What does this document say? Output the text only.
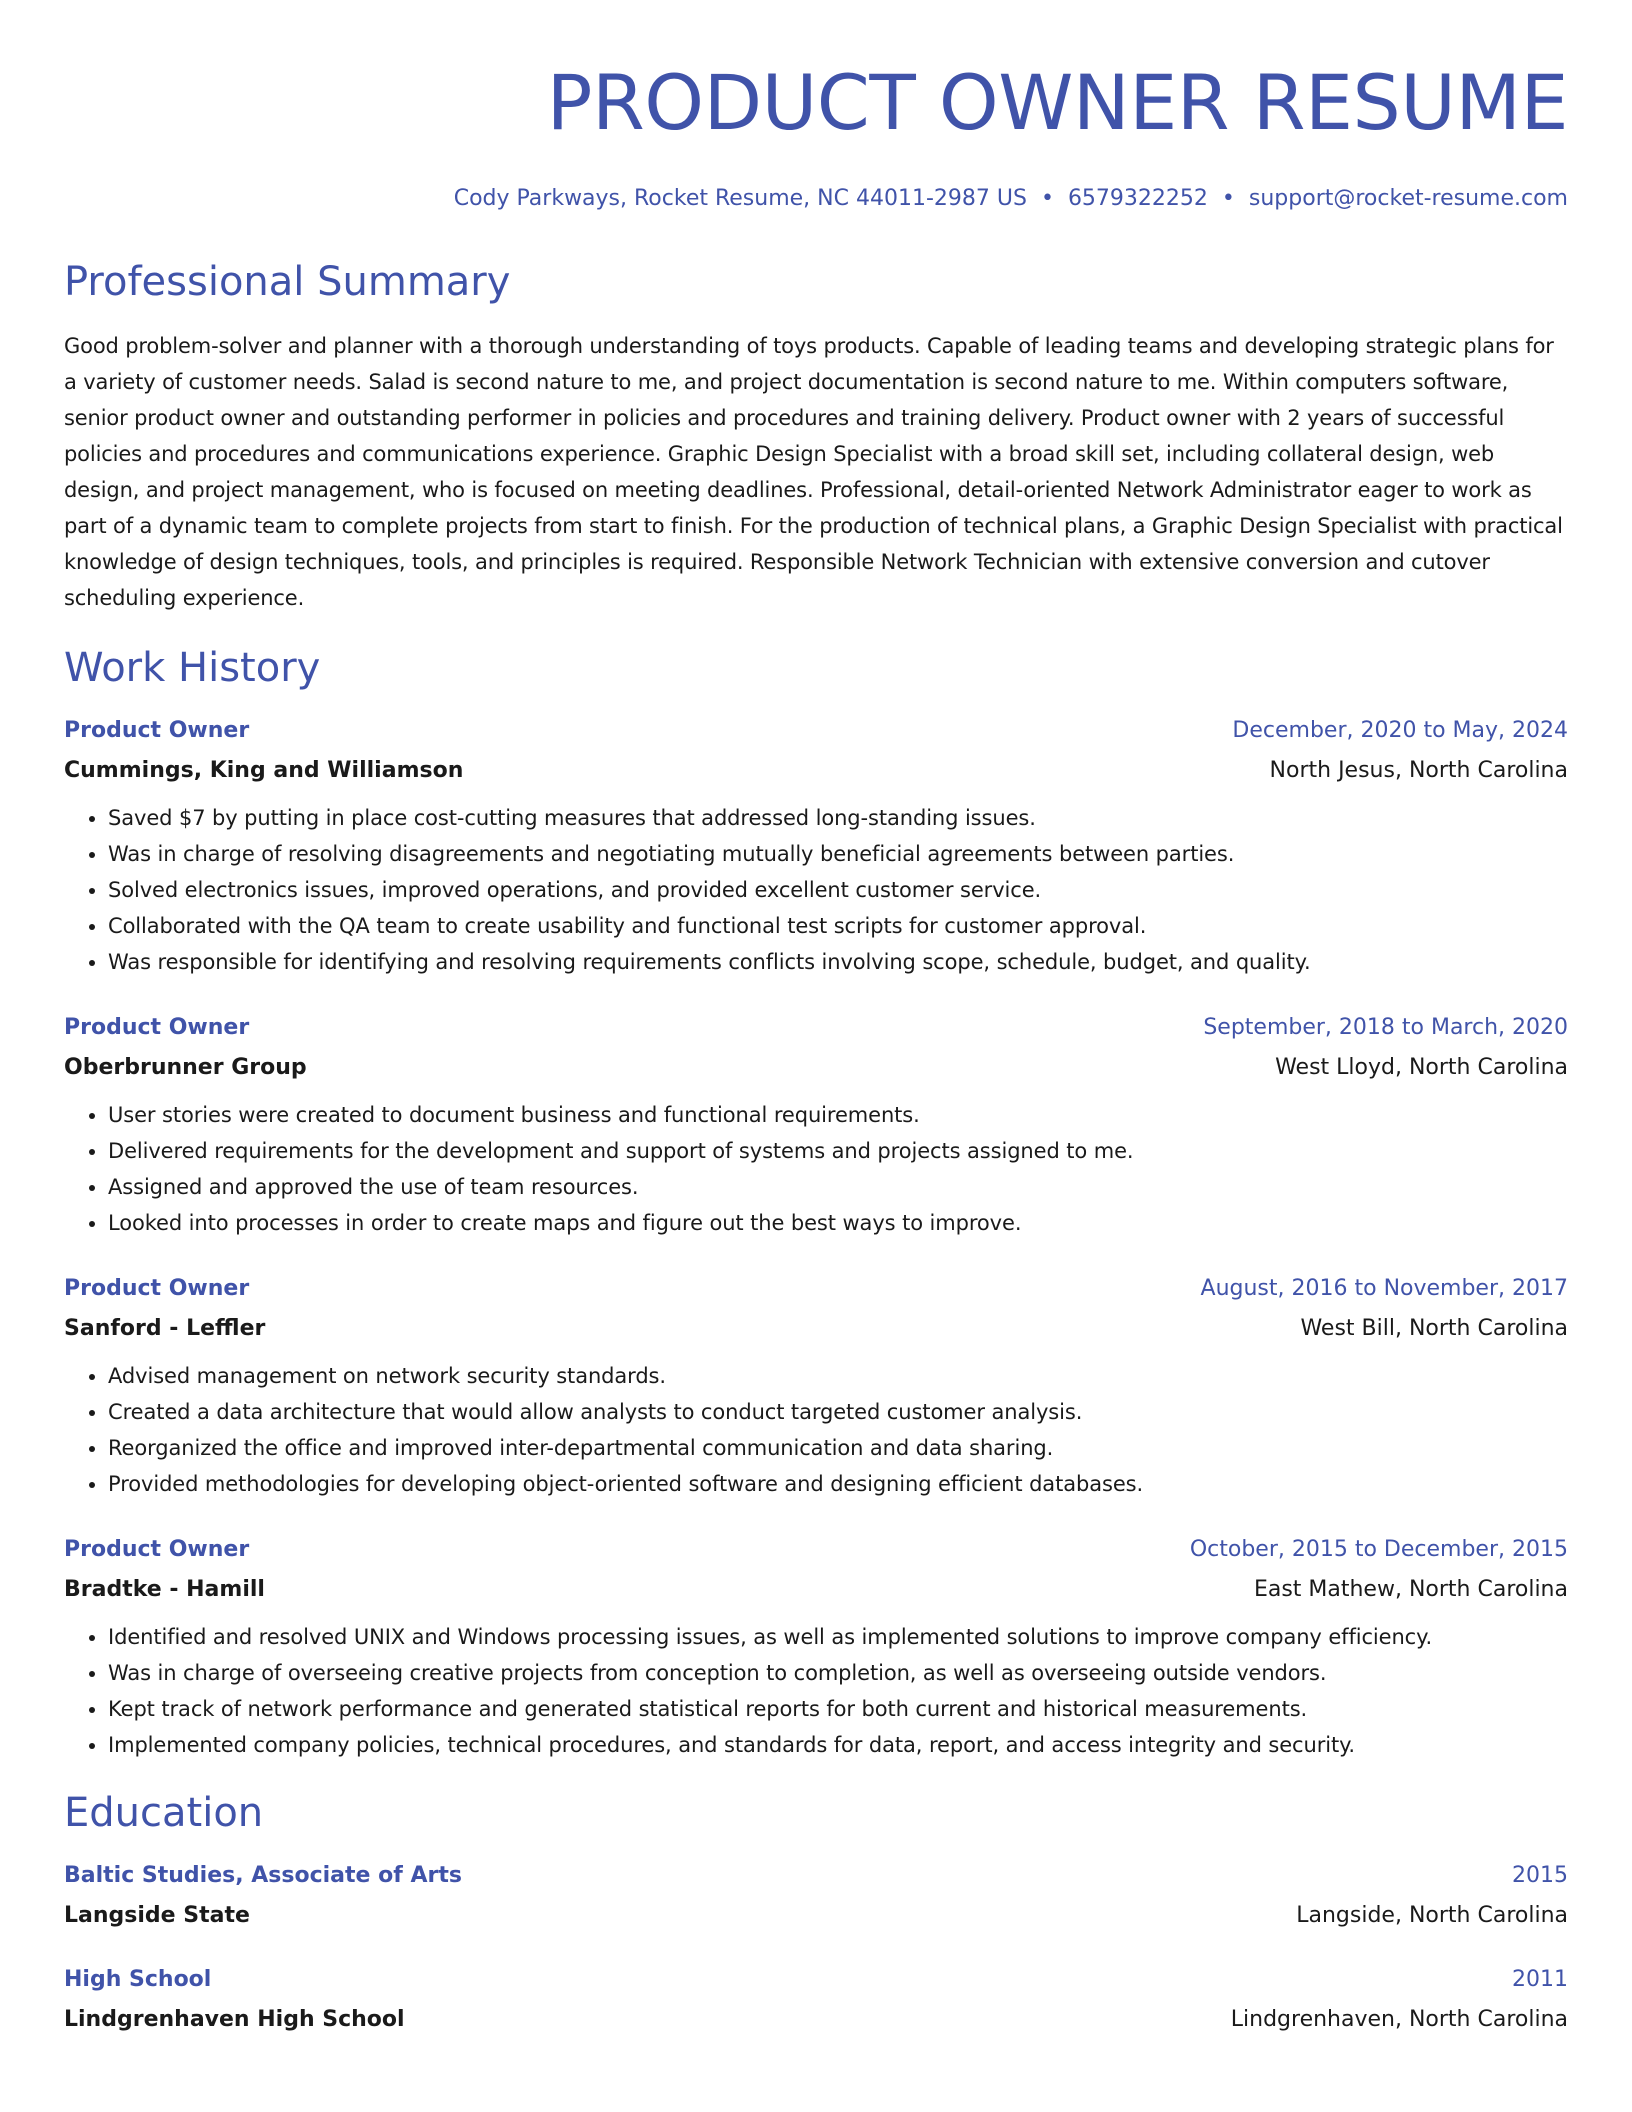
PRODUCT OWNER RESUME
Cody Parkways, Rocket Resume, NC 44011-2987 US • 6579322252 • support@rocket-resume.com
Professional Summary

Good problem-solver and planner with a thorough understanding of toys products. Capable of leading teams and developing strategic plans for a variety of customer needs. Salad is second nature to me, and project documentation is second nature to me. Within computers software, senior product owner and outstanding performer in policies and procedures and training delivery. Product owner with 2 years of successful policies and procedures and communications experience. Graphic Design Specialist with a broad skill set, including collateral design, web design, and project management, who is focused on meeting deadlines. Professional, detail-oriented Network Administrator eager to work as part of a dynamic team to complete projects from start to finish. For the production of technical plans, a Graphic Design Specialist with practical knowledge of design techniques, tools, and principles is required. Responsible Network Technician with extensive conversion and cutover scheduling experience.

Work History
Product Owner	December, 2020 to May, 2024
Cummings, King and Williamson	North Jesus, North Carolina
• Saved $7 by putting in place cost-cutting measures that addressed long-standing issues.
• Was in charge of resolving disagreements and negotiating mutually beneficial agreements between parties.
• Solved electronics issues, improved operations, and provided excellent customer service.
• Collaborated with the QA team to create usability and functional test scripts for customer approval.
• Was responsible for identifying and resolving requirements conflicts involving scope, schedule, budget, and quality.
Product Owner	September, 2018 to March, 2020
Oberbrunner Group	West Lloyd, North Carolina
• User stories were created to document business and functional requirements.
• Delivered requirements for the development and support of systems and projects assigned to me.
• Assigned and approved the use of team resources.
• Looked into processes in order to create maps and figure out the best ways to improve.
Product Owner	August, 2016 to November, 2017
Sanford - Leffler	West Bill, North Carolina
• Advised management on network security standards.
• Created a data architecture that would allow analysts to conduct targeted customer analysis.
• Reorganized the office and improved inter-departmental communication and data sharing.
• Provided methodologies for developing object-oriented software and designing efficient databases.
Product Owner	October, 2015 to December, 2015
Bradtke - Hamill	East Mathew, North Carolina
• Identified and resolved UNIX and Windows processing issues, as well as implemented solutions to improve company efficiency.
• Was in charge of overseeing creative projects from conception to completion, as well as overseeing outside vendors.
• Kept track of network performance and generated statistical reports for both current and historical measurements.
• Implemented company policies, technical procedures, and standards for data, report, and access integrity and security.
Education
Baltic Studies, Associate of Arts	2015
Langside State	Langside, North Carolina
High School	2011
Lindgrenhaven High School	Lindgrenhaven, North Carolina
